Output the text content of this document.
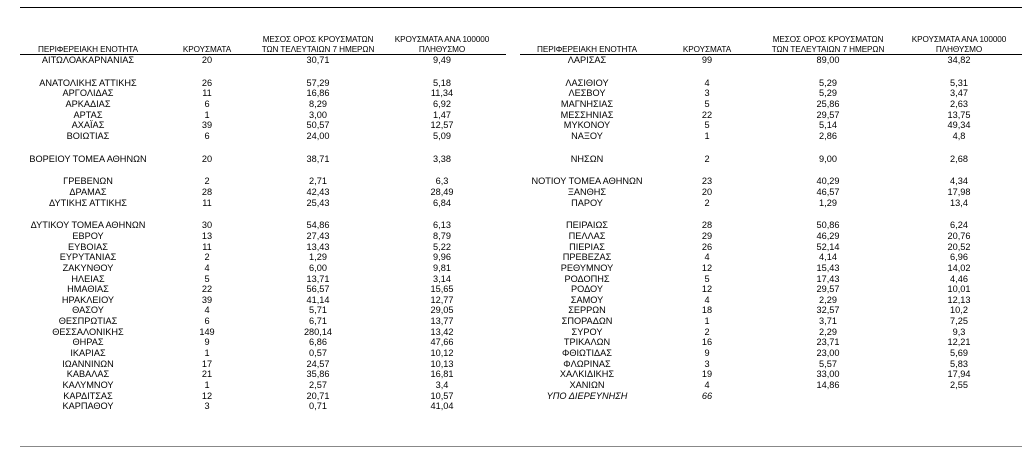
ΠΕΡΙΦΕΡΕΙΑΚΗ ΕΝΟΤΗΤΑ	ΚΡΟΥΣΜΑΤΑ	ΜΕΣΟΣ ΟΡΟΣ ΚΡΟΥΣΜΑΤΩΝ
ΤΩΝ ΤΕΛΕΥΤΑΙΩΝ 7 ΗΜΕΡΩΝ	ΚΡΟΥΣΜΑΤΑ ΑΝΑ 100000
ΠΛΗΘΥΣΜΟ
ΑΙΤΩΛΟΑΚΑΡΝΑΝΙΑΣ	20	30,71	9,49

ΑΝΑΤΟΛΙΚΗΣ ΑΤΤΙΚΗΣ	26	57,29	5,18
ΑΡΓΟΛΙΔΑΣ	11	16,86	11,34
ΑΡΚΑΔΙΑΣ	6	8,29	6,92
ΑΡΤΑΣ	1	3,00	1,47
ΑΧΑΪΑΣ	39	50,57	12,57
ΒΟΙΩΤΙΑΣ	6	24,00	5,09

ΒΟΡΕΙΟΥ ΤΟΜΕΑ ΑΘΗΝΩΝ	20	38,71	3,38

ΓΡΕΒΕΝΩΝ	2	2,71	6,3
ΔΡΑΜΑΣ	28	42,43	28,49
ΔΥΤΙΚΗΣ ΑΤΤΙΚΗΣ	11	25,43	6,84

ΔΥΤΙΚΟΥ ΤΟΜΕΑ ΑΘΗΝΩΝ	30	54,86	6,13
ΕΒΡΟΥ	13	27,43	8,79
ΕΥΒΟΙΑΣ	11	13,43	5,22
ΕΥΡΥΤΑΝΙΑΣ	2	1,29	9,96
ΖΑΚΥΝΘΟΥ	4	6,00	9,81
ΗΛΕΙΑΣ	5	13,71	3,14
ΗΜΑΘΙΑΣ	22	56,57	15,65
ΗΡΑΚΛΕΙΟΥ	39	41,14	12,77
ΘΑΣΟΥ	4	5,71	29,05
ΘΕΣΠΡΩΤΙΑΣ	6	6,71	13,77
ΘΕΣΣΑΛΟΝΙΚΗΣ	149	280,14	13,42
ΘΗΡΑΣ	9	6,86	47,66
ΙΚΑΡΙΑΣ	1	0,57	10,12
ΙΩΑΝΝΙΝΩΝ	17	24,57	10,13
ΚΑΒΑΛΑΣ	21	35,86	16,81
ΚΑΛΥΜΝΟΥ	1	2,57	3,4
ΚΑΡΔΙΤΣΑΣ	12	20,71	10,57
ΚΑΡΠΑΘΟΥ	3	0,71	41,04
ΠΕΡΙΦΕΡΕΙΑΚΗ ΕΝΟΤΗΤΑ	ΚΡΟΥΣΜΑΤΑ	ΜΕΣΟΣ ΟΡΟΣ ΚΡΟΥΣΜΑΤΩΝ
ΤΩΝ ΤΕΛΕΥΤΑΙΩΝ 7 ΗΜΕΡΩΝ	ΚΡΟΥΣΜΑΤΑ ΑΝΑ 100000
ΠΛΗΘΥΣΜΟ
ΛΑΡΙΣΑΣ	99	89,00	34,82

ΛΑΣΙΘΙΟΥ	4	5,29	5,31
ΛΕΣΒΟΥ	3	5,29	3,47
ΜΑΓΝΗΣΙΑΣ	5	25,86	2,63
ΜΕΣΣΗΝΙΑΣ	22	29,57	13,75
ΜΥΚΟΝΟΥ	5	5,14	49,34
ΝΑΞΟΥ	1	2,86	4,8

ΝΗΣΩΝ	2	9,00	2,68

ΝΟΤΙΟΥ ΤΟΜΕΑ ΑΘΗΝΩΝ	23	40,29	4,34
ΞΑΝΘΗΣ	20	46,57	17,98
ΠΑΡΟΥ	2	1,29	13,4

ΠΕΙΡΑΙΩΣ	28	50,86	6,24
ΠΕΛΛΑΣ	29	46,29	20,76
ΠΙΕΡΙΑΣ	26	52,14	20,52
ΠΡΕΒΕΖΑΣ	4	4,14	6,96
ΡΕΘΥΜΝΟΥ	12	15,43	14,02
ΡΟΔΟΠΗΣ	5	17,43	4,46
ΡΟΔΟΥ	12	29,57	10,01
ΣΑΜΟΥ	4	2,29	12,13
ΣΕΡΡΩΝ	18	32,57	10,2
ΣΠΟΡΑΔΩΝ	1	3,71	7,25
ΣΥΡΟΥ	2	2,29	9,3
ΤΡΙΚΑΛΩΝ	16	23,71	12,21
ΦΘΙΩΤΙΔΑΣ	9	23,00	5,69
ΦΛΩΡΙΝΑΣ	3	5,57	5,83
ΧΑΛΚΙΔΙΚΗΣ	19	33,00	17,94
ΧΑΝΙΩΝ	4	14,86	2,55
ΥΠΟ ΔΙΕΡΕΥΝΗΣΗ	66		
